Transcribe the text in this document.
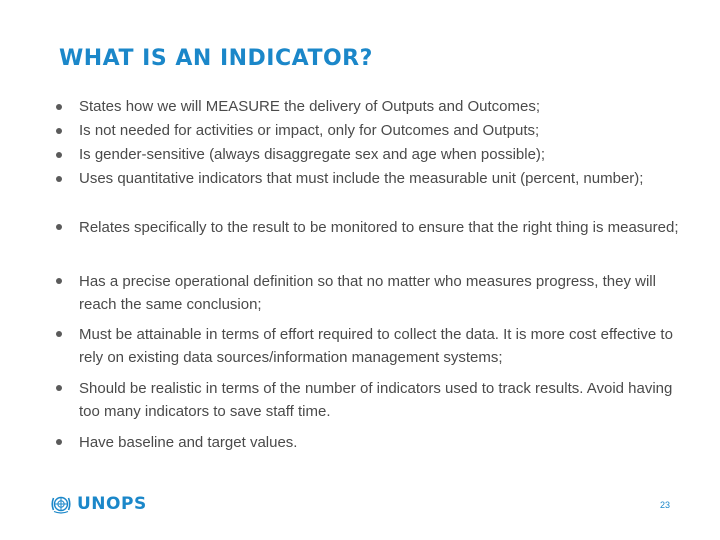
WHAT IS AN INDICATOR?
States how we will MEASURE the delivery of Outputs and Outcomes;
Is not needed for activities or impact, only for Outcomes and Outputs;
Is gender-sensitive (always disaggregate sex and age when possible);
Uses quantitative indicators that must include the measurable unit (percent, number);
Relates specifically to the result to be monitored to ensure that the right thing is measured;
Has a precise operational definition so that no matter who measures progress, they will reach the same conclusion;
Must be attainable in terms of effort required to collect the data. It is more cost effective to rely on existing data sources/information management systems;
Should be realistic in terms of the number of indicators used to track results. Avoid having too many indicators to save staff time.
Have baseline and target values.
UNOPS	23
